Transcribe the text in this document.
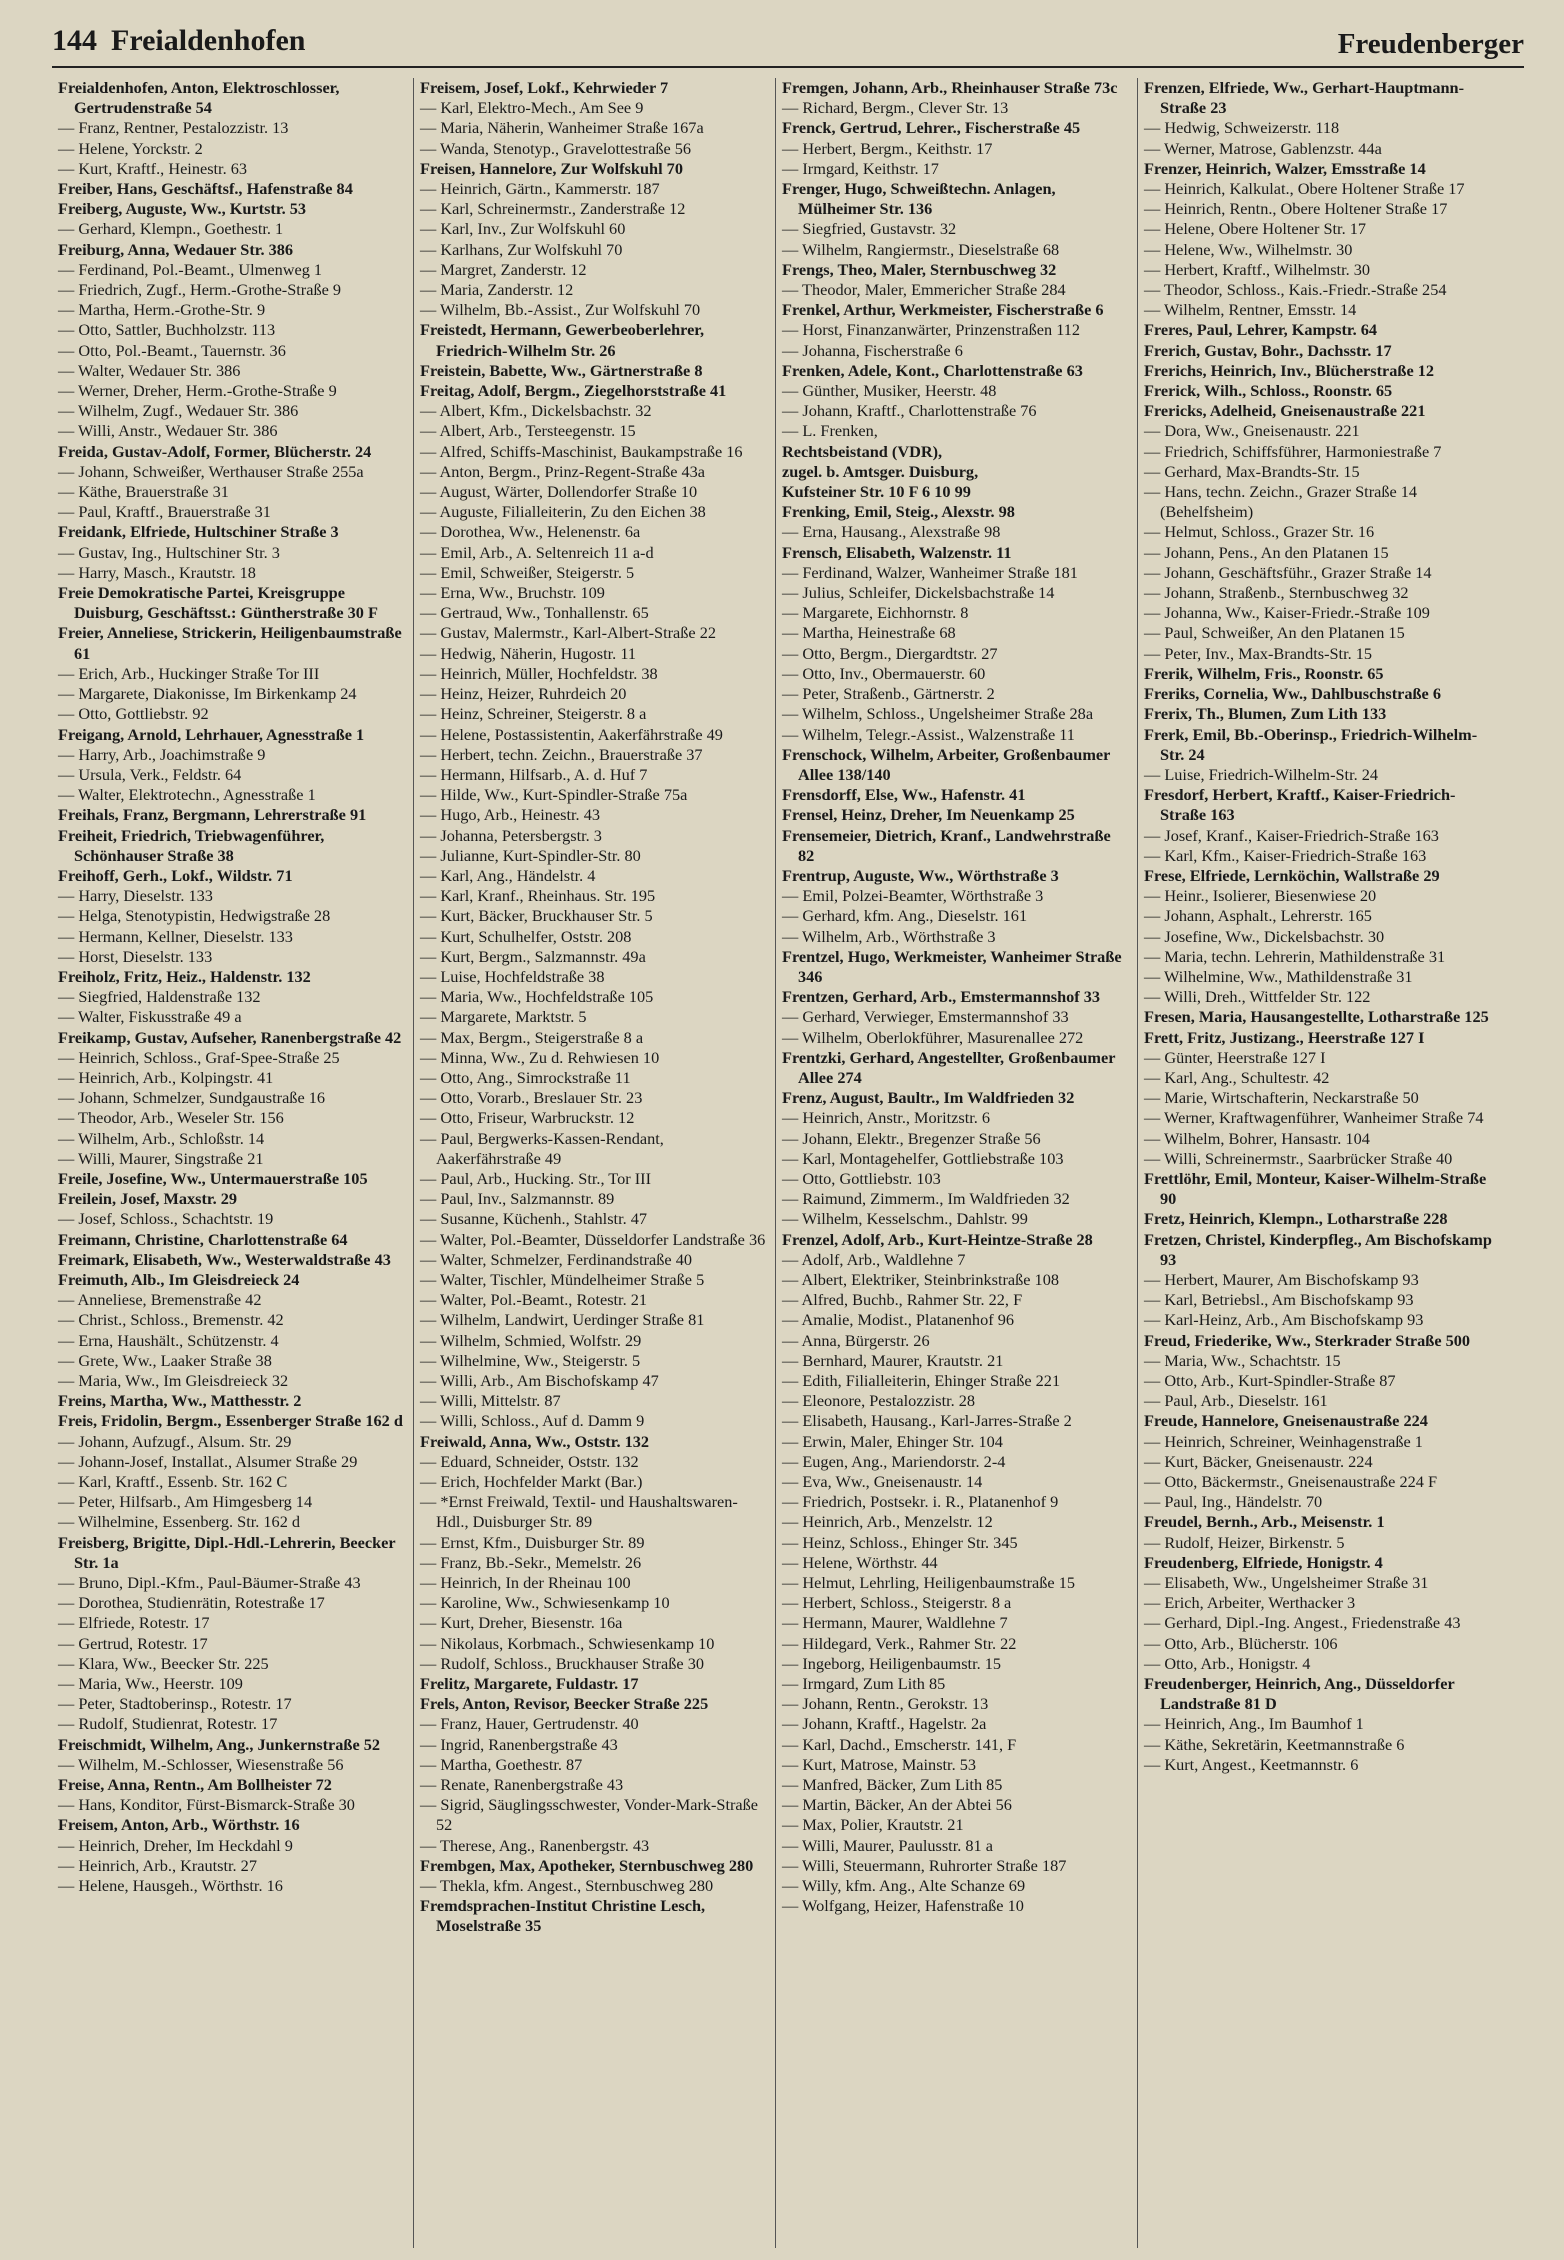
144 Freialdenhofen	Freudenberger

Freialdenhofen, Anton, Elektroschlosser, Gertrudenstraße 54

— Franz, Rentner, Pestalozzistr. 13

— Helene, Yorckstr. 2

— Kurt, Kraftf., Heinestr. 63

Freiber, Hans, Geschäftsf., Hafenstraße 84

Freiberg, Auguste, Ww., Kurtstr. 53

— Gerhard, Klempn., Goethestr. 1

Freiburg, Anna, Wedauer Str. 386

— Ferdinand, Pol.-Beamt., Ulmenweg 1

— Friedrich, Zugf., Herm.-Grothe-Straße 9

— Martha, Herm.-Grothe-Str. 9

— Otto, Sattler, Buchholzstr. 113

— Otto, Pol.-Beamt., Tauernstr. 36

— Walter, Wedauer Str. 386

— Werner, Dreher, Herm.-Grothe-Straße 9

— Wilhelm, Zugf., Wedauer Str. 386

— Willi, Anstr., Wedauer Str. 386

Freida, Gustav-Adolf, Former, Blücherstr. 24

— Johann, Schweißer, Werthauser Straße 255a

— Käthe, Brauerstraße 31

— Paul, Kraftf., Brauerstraße 31

Freidank, Elfriede, Hultschiner Straße 3

— Gustav, Ing., Hultschiner Str. 3

— Harry, Masch., Krautstr. 18

Freie Demokratische Partei, Kreisgruppe Duisburg, Geschäftsst.: Güntherstraße 30 F

Freier, Anneliese, Strickerin, Heiligenbaumstraße 61

— Erich, Arb., Huckinger Straße Tor III

— Margarete, Diakonisse, Im Birkenkamp 24

— Otto, Gottliebstr. 92

Freigang, Arnold, Lehrhauer, Agnesstraße 1

— Harry, Arb., Joachimstraße 9

— Ursula, Verk., Feldstr. 64

— Walter, Elektrotechn., Agnesstraße 1

Freihals, Franz, Bergmann, Lehrerstraße 91

Freiheit, Friedrich, Triebwagenführer, Schönhauser Straße 38

Freihoff, Gerh., Lokf., Wildstr. 71

— Harry, Dieselstr. 133

— Helga, Stenotypistin, Hedwigstraße 28

— Hermann, Kellner, Dieselstr. 133

— Horst, Dieselstr. 133

Freiholz, Fritz, Heiz., Haldenstr. 132

— Siegfried, Haldenstraße 132

— Walter, Fiskusstraße 49 a

Freikamp, Gustav, Aufseher, Ranenbergstraße 42

— Heinrich, Schloss., Graf-Spee-Straße 25

— Heinrich, Arb., Kolpingstr. 41

— Johann, Schmelzer, Sundgaustraße 16

— Theodor, Arb., Weseler Str. 156

— Wilhelm, Arb., Schloßstr. 14

— Willi, Maurer, Singstraße 21

Freile, Josefine, Ww., Untermauerstraße 105

Freilein, Josef, Maxstr. 29

— Josef, Schloss., Schachtstr. 19

Freimann, Christine, Charlottenstraße 64

Freimark, Elisabeth, Ww., Westerwaldstraße 43

Freimuth, Alb., Im Gleisdreieck 24

— Anneliese, Bremenstraße 42

— Christ., Schloss., Bremenstr. 42

— Erna, Haushält., Schützenstr. 4

— Grete, Ww., Laaker Straße 38

— Maria, Ww., Im Gleisdreieck 32

Freins, Martha, Ww., Matthesstr. 2

Freis, Fridolin, Bergm., Essenberger Straße 162 d

— Johann, Aufzugf., Alsum. Str. 29

— Johann-Josef, Installat., Alsumer Straße 29

— Karl, Kraftf., Essenb. Str. 162 C

— Peter, Hilfsarb., Am Himgesberg 14

— Wilhelmine, Essenberg. Str. 162 d

Freisberg, Brigitte, Dipl.-Hdl.-Lehrerin, Beecker Str. 1a

— Bruno, Dipl.-Kfm., Paul-Bäumer-Straße 43

— Dorothea, Studienrätin, Rotestraße 17

— Elfriede, Rotestr. 17

— Gertrud, Rotestr. 17

— Klara, Ww., Beecker Str. 225

— Maria, Ww., Heerstr. 109

— Peter, Stadtoberinsp., Rotestr. 17

— Rudolf, Studienrat, Rotestr. 17

Freischmidt, Wilhelm, Ang., Junkernstraße 52

— Wilhelm, M.-Schlosser, Wiesenstraße 56

Freise, Anna, Rentn., Am Bollheister 72

— Hans, Konditor, Fürst-Bismarck-Straße 30

Freisem, Anton, Arb., Wörthstr. 16

— Heinrich, Dreher, Im Heckdahl 9

— Heinrich, Arb., Krautstr. 27

— Helene, Hausgeh., Wörthstr. 16

Freisem, Josef, Lokf., Kehrwieder 7

— Karl, Elektro-Mech., Am See 9

— Maria, Näherin, Wanheimer Straße 167a

— Wanda, Stenotyp., Gravelottestraße 56

Freisen, Hannelore, Zur Wolfskuhl 70

— Heinrich, Gärtn., Kammerstr. 187

— Karl, Schreinermstr., Zanderstraße 12

— Karl, Inv., Zur Wolfskuhl 60

— Karlhans, Zur Wolfskuhl 70

— Margret, Zanderstr. 12

— Maria, Zanderstr. 12

— Wilhelm, Bb.-Assist., Zur Wolfskuhl 70

Freistedt, Hermann, Gewerbeoberlehrer, Friedrich-Wilhelm Str. 26

Freistein, Babette, Ww., Gärtnerstraße 8

Freitag, Adolf, Bergm., Ziegelhorststraße 41

— Albert, Kfm., Dickelsbachstr. 32

— Albert, Arb., Tersteegenstr. 15

— Alfred, Schiffs-Maschinist, Baukampstraße 16

— Anton, Bergm., Prinz-Regent-Straße 43a

— August, Wärter, Dollendorfer Straße 10

— Auguste, Filialleiterin, Zu den Eichen 38

— Dorothea, Ww., Helenenstr. 6a

— Emil, Arb., A. Seltenreich 11 a-d

— Emil, Schweißer, Steigerstr. 5

— Erna, Ww., Bruchstr. 109

— Gertraud, Ww., Tonhallenstr. 65

— Gustav, Malermstr., Karl-Albert-Straße 22

— Hedwig, Näherin, Hugostr. 11

— Heinrich, Müller, Hochfeldstr. 38

— Heinz, Heizer, Ruhrdeich 20

— Heinz, Schreiner, Steigerstr. 8 a

— Helene, Postassistentin, Aakerfährstraße 49

— Herbert, techn. Zeichn., Brauerstraße 37

— Hermann, Hilfsarb., A. d. Huf 7

— Hilde, Ww., Kurt-Spindler-Straße 75a

— Hugo, Arb., Heinestr. 43

— Johanna, Petersbergstr. 3

— Julianne, Kurt-Spindler-Str. 80

— Karl, Ang., Händelstr. 4

— Karl, Kranf., Rheinhaus. Str. 195

— Kurt, Bäcker, Bruckhauser Str. 5

— Kurt, Schulhelfer, Oststr. 208

— Kurt, Bergm., Salzmannstr. 49a

— Luise, Hochfeldstraße 38

— Maria, Ww., Hochfeldstraße 105

— Margarete, Marktstr. 5

— Max, Bergm., Steigerstraße 8 a

— Minna, Ww., Zu d. Rehwiesen 10

— Otto, Ang., Simrockstraße 11

— Otto, Vorarb., Breslauer Str. 23

— Otto, Friseur, Warbruckstr. 12

— Paul, Bergwerks-Kassen-Rendant, Aakerfährstraße 49

— Paul, Arb., Hucking. Str., Tor III

— Paul, Inv., Salzmannstr. 89

— Susanne, Küchenh., Stahlstr. 47

— Walter, Pol.-Beamter, Düsseldorfer Landstraße 36

— Walter, Schmelzer, Ferdinandstraße 40

— Walter, Tischler, Mündelheimer Straße 5

— Walter, Pol.-Beamt., Rotestr. 21

— Wilhelm, Landwirt, Uerdinger Straße 81

— Wilhelm, Schmied, Wolfstr. 29

— Wilhelmine, Ww., Steigerstr. 5

— Willi, Arb., Am Bischofskamp 47

— Willi, Mittelstr. 87

— Willi, Schloss., Auf d. Damm 9

Freiwald, Anna, Ww., Oststr. 132

— Eduard, Schneider, Oststr. 132

— Erich, Hochfelder Markt (Bar.)

— *Ernst Freiwald, Textil- und Haushaltswaren-Hdl., Duisburger Str. 89

— Ernst, Kfm., Duisburger Str. 89

— Franz, Bb.-Sekr., Memelstr. 26

— Heinrich, In der Rheinau 100

— Karoline, Ww., Schwiesenkamp 10

— Kurt, Dreher, Biesenstr. 16a

— Nikolaus, Korbmach., Schwiesenkamp 10

— Rudolf, Schloss., Bruckhauser Straße 30

Frelitz, Margarete, Fuldastr. 17

Frels, Anton, Revisor, Beecker Straße 225

— Franz, Hauer, Gertrudenstr. 40

— Ingrid, Ranenbergstraße 43

— Martha, Goethestr. 87

— Renate, Ranenbergstraße 43

— Sigrid, Säuglingsschwester, Vonder-Mark-Straße 52

— Therese, Ang., Ranenbergstr. 43

Frembgen, Max, Apotheker, Sternbuschweg 280

— Thekla, kfm. Angest., Sternbuschweg 280

Fremdsprachen-Institut Christine Lesch, Moselstraße 35

Fremgen, Johann, Arb., Rheinhauser Straße 73c

— Richard, Bergm., Clever Str. 13

Frenck, Gertrud, Lehrer., Fischerstraße 45

— Herbert, Bergm., Keithstr. 17

— Irmgard, Keithstr. 17

Frenger, Hugo, Schweißtechn. Anlagen, Mülheimer Str. 136

— Siegfried, Gustavstr. 32

— Wilhelm, Rangiermstr., Dieselstraße 68

Frengs, Theo, Maler, Sternbuschweg 32

— Theodor, Maler, Emmericher Straße 284

Frenkel, Arthur, Werkmeister, Fischerstraße 6

— Horst, Finanzanwärter, Prinzenstraßen 112

— Johanna, Fischerstraße 6

Frenken, Adele, Kont., Charlottenstraße 63

— Günther, Musiker, Heerstr. 48

— Johann, Kraftf., Charlottenstraße 76

— L. Frenken,

Rechtsbeistand (VDR),

zugel. b. Amtsger. Duisburg,

Kufsteiner Str. 10 F 6 10 99

Frenking, Emil, Steig., Alexstr. 98

— Erna, Hausang., Alexstraße 98

Frensch, Elisabeth, Walzenstr. 11

— Ferdinand, Walzer, Wanheimer Straße 181

— Julius, Schleifer, Dickelsbachstraße 14

— Margarete, Eichhornstr. 8

— Martha, Heinestraße 68

— Otto, Bergm., Diergardtstr. 27

— Otto, Inv., Obermauerstr. 60

— Peter, Straßenb., Gärtnerstr. 2

— Wilhelm, Schloss., Ungelsheimer Straße 28a

— Wilhelm, Telegr.-Assist., Walzenstraße 11

Frenschock, Wilhelm, Arbeiter, Großenbaumer Allee 138/140

Frensdorff, Else, Ww., Hafenstr. 41

Frensel, Heinz, Dreher, Im Neuenkamp 25

Frensemeier, Dietrich, Kranf., Landwehrstraße 82

Frentrup, Auguste, Ww., Wörthstraße 3

— Emil, Polzei-Beamter, Wörthstraße 3

— Gerhard, kfm. Ang., Dieselstr. 161

— Wilhelm, Arb., Wörthstraße 3

Frentzel, Hugo, Werkmeister, Wanheimer Straße 346

Frentzen, Gerhard, Arb., Emstermannshof 33

— Gerhard, Verwieger, Emstermannshof 33

— Wilhelm, Oberlokführer, Masurenallee 272

Frentzki, Gerhard, Angestellter, Großenbaumer Allee 274

Frenz, August, Baultr., Im Waldfrieden 32

— Heinrich, Anstr., Moritzstr. 6

— Johann, Elektr., Bregenzer Straße 56

— Karl, Montagehelfer, Gottliebstraße 103

— Otto, Gottliebstr. 103

— Raimund, Zimmerm., Im Waldfrieden 32

— Wilhelm, Kesselschm., Dahlstr. 99

Frenzel, Adolf, Arb., Kurt-Heintze-Straße 28

— Adolf, Arb., Waldlehne 7

— Albert, Elektriker, Steinbrinkstraße 108

— Alfred, Buchb., Rahmer Str. 22, F

— Amalie, Modist., Platanenhof 96

— Anna, Bürgerstr. 26

— Bernhard, Maurer, Krautstr. 21

— Edith, Filialleiterin, Ehinger Straße 221

— Eleonore, Pestalozzistr. 28

— Elisabeth, Hausang., Karl-Jarres-Straße 2

— Erwin, Maler, Ehinger Str. 104

— Eugen, Ang., Mariendorstr. 2-4

— Eva, Ww., Gneisenaustr. 14

— Friedrich, Postsekr. i. R., Platanenhof 9

— Heinrich, Arb., Menzelstr. 12

— Heinz, Schloss., Ehinger Str. 345

— Helene, Wörthstr. 44

— Helmut, Lehrling, Heiligenbaumstraße 15

— Herbert, Schloss., Steigerstr. 8 a

— Hermann, Maurer, Waldlehne 7

— Hildegard, Verk., Rahmer Str. 22

— Ingeborg, Heiligenbaumstr. 15

— Irmgard, Zum Lith 85

— Johann, Rentn., Gerokstr. 13

— Johann, Kraftf., Hagelstr. 2a

— Karl, Dachd., Emscherstr. 141, F

— Kurt, Matrose, Mainstr. 53

— Manfred, Bäcker, Zum Lith 85

— Martin, Bäcker, An der Abtei 56

— Max, Polier, Krautstr. 21

— Willi, Maurer, Paulusstr. 81 a

— Willi, Steuermann, Ruhrorter Straße 187

— Willy, kfm. Ang., Alte Schanze 69

— Wolfgang, Heizer, Hafenstraße 10

Frenzen, Elfriede, Ww., Gerhart-Hauptmann-Straße 23

— Hedwig, Schweizerstr. 118

— Werner, Matrose, Gablenzstr. 44a

Frenzer, Heinrich, Walzer, Emsstraße 14

— Heinrich, Kalkulat., Obere Holtener Straße 17

— Heinrich, Rentn., Obere Holtener Straße 17

— Helene, Obere Holtener Str. 17

— Helene, Ww., Wilhelmstr. 30

— Herbert, Kraftf., Wilhelmstr. 30

— Theodor, Schloss., Kais.-Friedr.-Straße 254

— Wilhelm, Rentner, Emsstr. 14

Freres, Paul, Lehrer, Kampstr. 64

Frerich, Gustav, Bohr., Dachsstr. 17

Frerichs, Heinrich, Inv., Blücherstraße 12

Frerick, Wilh., Schloss., Roonstr. 65

Frericks, Adelheid, Gneisenaustraße 221

— Dora, Ww., Gneisenaustr. 221

— Friedrich, Schiffsführer, Harmoniestraße 7

— Gerhard, Max-Brandts-Str. 15

— Hans, techn. Zeichn., Grazer Straße 14 (Behelfsheim)

— Helmut, Schloss., Grazer Str. 16

— Johann, Pens., An den Platanen 15

— Johann, Geschäftsführ., Grazer Straße 14

— Johann, Straßenb., Sternbuschweg 32

— Johanna, Ww., Kaiser-Friedr.-Straße 109

— Paul, Schweißer, An den Platanen 15

— Peter, Inv., Max-Brandts-Str. 15

Frerik, Wilhelm, Fris., Roonstr. 65

Freriks, Cornelia, Ww., Dahlbuschstraße 6

Frerix, Th., Blumen, Zum Lith 133

Frerk, Emil, Bb.-Oberinsp., Friedrich-Wilhelm-Str. 24

— Luise, Friedrich-Wilhelm-Str. 24

Fresdorf, Herbert, Kraftf., Kaiser-Friedrich-Straße 163

— Josef, Kranf., Kaiser-Friedrich-Straße 163

— Karl, Kfm., Kaiser-Friedrich-Straße 163

Frese, Elfriede, Lernköchin, Wallstraße 29

— Heinr., Isolierer, Biesenwiese 20

— Johann, Asphalt., Lehrerstr. 165

— Josefine, Ww., Dickelsbachstr. 30

— Maria, techn. Lehrerin, Mathildenstraße 31

— Wilhelmine, Ww., Mathildenstraße 31

— Willi, Dreh., Wittfelder Str. 122

Fresen, Maria, Hausangestellte, Lotharstraße 125

Frett, Fritz, Justizang., Heerstraße 127 I

— Günter, Heerstraße 127 I

— Karl, Ang., Schultestr. 42

— Marie, Wirtschafterin, Neckarstraße 50

— Werner, Kraftwagenführer, Wanheimer Straße 74

— Wilhelm, Bohrer, Hansastr. 104

— Willi, Schreinermstr., Saarbrücker Straße 40

Frettlöhr, Emil, Monteur, Kaiser-Wilhelm-Straße 90

Fretz, Heinrich, Klempn., Lotharstraße 228

Fretzen, Christel, Kinderpfleg., Am Bischofskamp 93

— Herbert, Maurer, Am Bischofskamp 93

— Karl, Betriebsl., Am Bischofskamp 93

— Karl-Heinz, Arb., Am Bischofskamp 93

Freud, Friederike, Ww., Sterkrader Straße 500

— Maria, Ww., Schachtstr. 15

— Otto, Arb., Kurt-Spindler-Straße 87

— Paul, Arb., Dieselstr. 161

Freude, Hannelore, Gneisenaustraße 224

— Heinrich, Schreiner, Weinhagenstraße 1

— Kurt, Bäcker, Gneisenaustr. 224

— Otto, Bäckermstr., Gneisenaustraße 224 F

— Paul, Ing., Händelstr. 70

Freudel, Bernh., Arb., Meisenstr. 1

— Rudolf, Heizer, Birkenstr. 5

Freudenberg, Elfriede, Honigstr. 4

— Elisabeth, Ww., Ungelsheimer Straße 31

— Erich, Arbeiter, Werthacker 3

— Gerhard, Dipl.-Ing. Angest., Friedenstraße 43

— Otto, Arb., Blücherstr. 106

— Otto, Arb., Honigstr. 4

Freudenberger, Heinrich, Ang., Düsseldorfer Landstraße 81 D

— Heinrich, Ang., Im Baumhof 1

— Käthe, Sekretärin, Keetmannstraße 6

— Kurt, Angest., Keetmannstr. 6
